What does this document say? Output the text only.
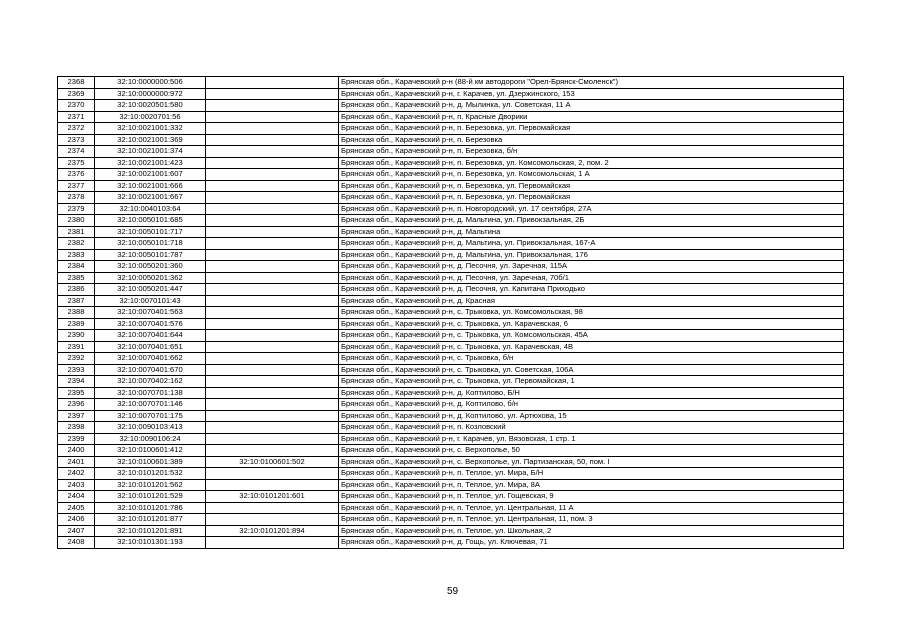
2368	32:10:0000000:506		Брянская обл., Карачевский р-н (88-й км автодороги "Орел-Брянск-Смоленск")
2369	32:10:0000000:972		Брянская обл., Карачевский р-н, г. Карачев, ул. Дзержинского, 153
2370	32:10:0020501:580		Брянская обл., Карачевский р-н, д. Мылинка, ул. Советская, 11 А
2371	32:10:0020701:56		Брянская обл., Карачевский р-н, п. Красные Дворики
2372	32:10:0021001:332		Брянская обл., Карачевский р-н, п. Березовка, ул. Первомайская
2373	32:10:0021001:369		Брянская обл., Карачевский р-н, п. Березовка
2374	32:10:0021001:374		Брянская обл., Карачевский р-н, п. Березовка, б/н
2375	32:10:0021001:423		Брянская обл., Карачевский р-н, п. Березовка, ул. Комсомольская, 2, пом. 2
2376	32:10:0021001:607		Брянская обл., Карачевский р-н, п. Березовка, ул. Комсомольская, 1 А
2377	32:10:0021001:666		Брянская обл., Карачевский р-н, п. Березовка, ул. Первомайская
2378	32:10:0021001:667		Брянская обл., Карачевский р-н, п. Березовка, ул. Первомайская
2379	32:10:0040103:64		Брянская обл., Карачевский р-н, п. Новгородский, ул. 17 сентября, 27А
2380	32:10:0050101:685		Брянская обл., Карачевский р-н, д. Мальтина, ул. Привокзальная, 2Б
2381	32:10:0050101:717		Брянская обл., Карачевский р-н, д. Мальтина
2382	32:10:0050101:718		Брянская обл., Карачевский р-н, д. Мальтина, ул. Привокзальная, 167-А
2383	32:10:0050101:787		Брянская обл., Карачевский р-н, д. Мальтина, ул. Привокзальная, 176
2384	32:10:0050201:360		Брянская обл., Карачевский р-н, д. Песочня, ул. Заречная, 115А
2385	32:10:0050201:362		Брянская обл., Карачевский р-н, д. Песочня, ул. Заречная, 70б/1
2386	32:10:0050201:447		Брянская обл., Карачевский р-н, д. Песочня, ул. Капитана Приходько
2387	32:10:0070101:43		Брянская обл., Карачевский р-н, д. Красная
2388	32:10:0070401:563		Брянская обл., Карачевский р-н, с. Трыковка, ул. Комсомольская, 98
2389	32:10:0070401:576		Брянская обл., Карачевский р-н, с. Трыковка, ул. Карачевская, 6
2390	32:10:0070401:644		Брянская обл., Карачевский р-н, с. Трыковка, ул. Комсомольская, 45А
2391	32:10:0070401:651		Брянская обл., Карачевский р-н, с. Трыковка, ул. Карачевская, 4В
2392	32:10:0070401:662		Брянская обл., Карачевский р-н, с. Трыковка, б/н
2393	32:10:0070401:670		Брянская обл., Карачевский р-н, с. Трыковка, ул. Советская, 106А
2394	32:10:0070402:162		Брянская обл., Карачевский р-н, с. Трыковка, ул. Первомайская, 1
2395	32:10:0070701:138		Брянская обл., Карачевский р-н, д. Коптилово, Б/Н
2396	32:10:0070701:146		Брянская обл., Карачевский р-н, д. Коптилово, б/н
2397	32:10:0070701:175		Брянская обл., Карачевский р-н, д. Коптилово, ул. Артюхова, 15
2398	32:10:0090103:413		Брянская обл., Карачевский р-н, п. Козловский
2399	32:10:0090106:24		Брянская обл., Карачевский р-н, г. Карачев, ул. Вязовская, 1 стр. 1
2400	32:10:0100601:412		Брянская обл., Карачевский р-н, с. Верхополье, 50
2401	32:10:0100601:389	32:10:0100601:502	Брянская обл., Карачевский р-н, с. Верхополье, ул. Партизанская, 50, пом. I
2402	32:10:0101201:532		Брянская обл., Карачевский р-н, п. Теплое, ул. Мира, Б/Н
2403	32:10:0101201:562		Брянская обл., Карачевский р-н, п. Теплое, ул. Мира, 8А
2404	32:10:0101201:529	32:10:0101201:601	Брянская обл., Карачевский р-н, п. Теплое, ул. Гощевская, 9
2405	32:10:0101201:786		Брянская обл., Карачевский р-н, п. Теплое, ул. Центральная, 11 А
2406	32:10:0101201:877		Брянская обл., Карачевский р-н, п. Теплое, ул. Центральная, 11, пом. 3
2407	32:10:0101201:891	32:10:0101201:894	Брянская обл., Карачевский р-н, п. Теплое, ул. Школьная, 2
2408	32:10:0101301:193		Брянская обл., Карачевский р-н, д. Гощь, ул. Ключевая, 71
59
